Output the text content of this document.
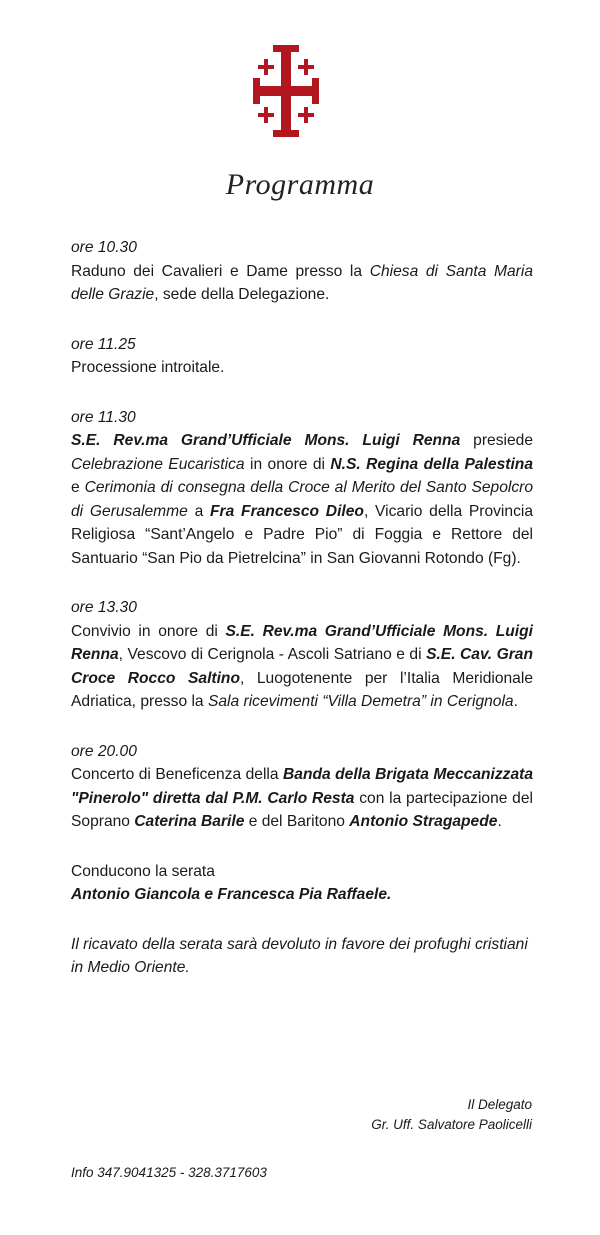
Programma
ore 10.30
Raduno dei Cavalieri e Dame presso la Chiesa di Santa Maria delle Grazie, sede della Delegazione.
ore 11.25
Processione introitale.
ore 11.30
S.E. Rev.ma Grand’Ufficiale Mons. Luigi Renna presiede Celebrazione Eucaristica in onore di N.S. Regina della Palestina e Cerimonia di consegna della Croce al Merito del Santo Sepolcro di Gerusalemme a Fra Francesco Dileo, Vicario della Provincia Religiosa “Sant’Angelo e Padre Pio” di Foggia e Rettore del Santuario “San Pio da Pietrelcina” in San Giovanni Rotondo (Fg).
ore 13.30
Convivio in onore di S.E. Rev.ma Grand’Ufficiale Mons. Luigi Renna, Vescovo di Cerignola - Ascoli Satriano e di S.E. Cav. Gran Croce Rocco Saltino, Luogotenente per l’Italia Meridionale Adriatica, presso la Sala ricevimenti “Villa Demetra” in Cerignola.
ore 20.00
Concerto di Beneficenza della Banda della Brigata Meccanizzata "Pinerolo" diretta dal P.M. Carlo Resta con la partecipazione del Soprano Caterina Barile e del Baritono Antonio Stragapede.
Conducono la serata
Antonio Giancola e Francesca Pia Raffaele.
Il ricavato della serata sarà devoluto in favore dei profughi cristiani in Medio Oriente.
Il Delegato
Gr. Uff. Salvatore Paolicelli
Info 347.9041325 - 328.3717603
